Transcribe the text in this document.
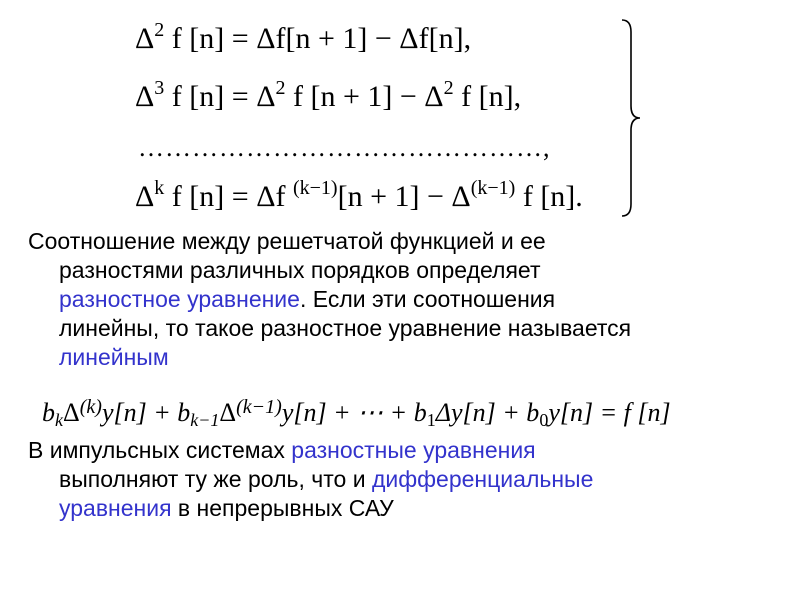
$\Delta^2$ f [n] = Δf[n + 1] − Δf[n],
$\Delta^3$ f $[n] = \Delta^2$ f $[n + 1] - \Delta^2$ f [n],
………………………………………,
$\Delta^k$ f [n] = Δf $^{(k-1)}[n + 1] - \Delta^{(k-1)}$ f [n].

Соотношение между решетчатой функцией и ее
разностями различных порядков определяет
разностное уравнение. Если эти соотношения
линейны, то такое разностное уравнение называется
линейным

$b_k\Delta^{(k)}y[n] + b_{k-1}\Delta^{(k-1)}y[n]$ + ⋯ + $b_1\Delta y[n] + b_0y[n] = f$ [n]

В импульсных системах разностные уравнения
выполняют ту же роль, что и дифференциальные
уравнения в непрерывных САУ
